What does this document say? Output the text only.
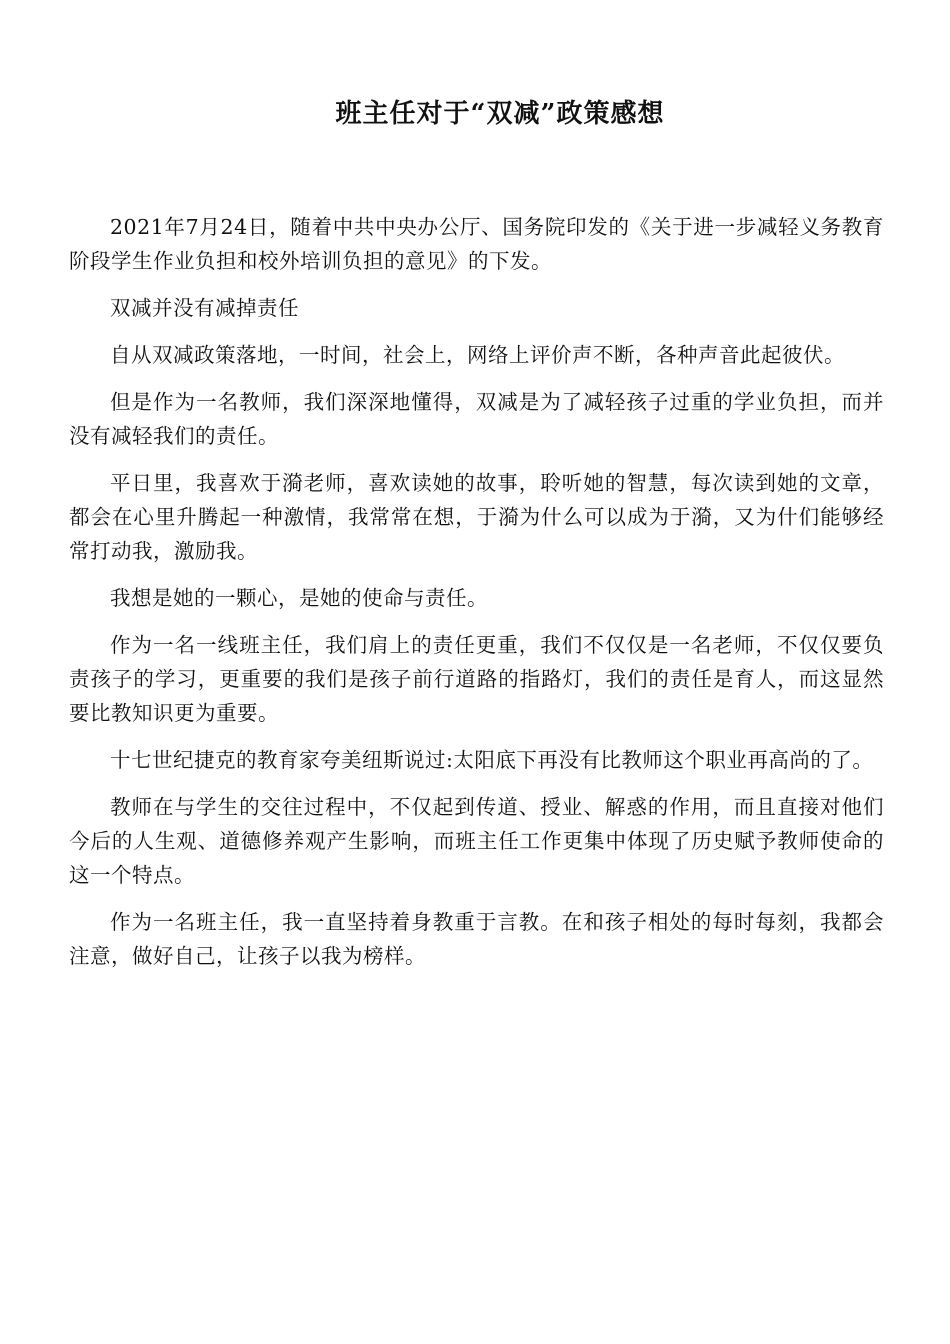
班主任对于“双减”政策感想

2021年7月24日，随着中共中央办公厅、国务院印发的《关于进一步减轻义务教育阶段学生作业负担和校外培训负担的意见》的下发。

双减并没有减掉责任

自从双减政策落地，一时间，社会上，网络上评价声不断，各种声音此起彼伏。

但是作为一名教师，我们深深地懂得，双减是为了减轻孩子过重的学业负担，而并没有减轻我们的责任。

平日里，我喜欢于漪老师，喜欢读她的故事，聆听她的智慧，每次读到她的文章，都会在心里升腾起一种激情，我常常在想，于漪为什么可以成为于漪，又为什们能够经常打动我，激励我。

我想是她的一颗心，是她的使命与责任。

作为一名一线班主任，我们肩上的责任更重，我们不仅仅是一名老师，不仅仅要负责孩子的学习，更重要的我们是孩子前行道路的指路灯，我们的责任是育人，而这显然要比教知识更为重要。

十七世纪捷克的教育家夸美纽斯说过:太阳底下再没有比教师这个职业再高尚的了。

教师在与学生的交往过程中，不仅起到传道、授业、解惑的作用，而且直接对他们今后的人生观、道德修养观产生影响，而班主任工作更集中体现了历史赋予教师使命的这一个特点。

作为一名班主任，我一直坚持着身教重于言教。在和孩子相处的每时每刻，我都会注意，做好自己，让孩子以我为榜样。
